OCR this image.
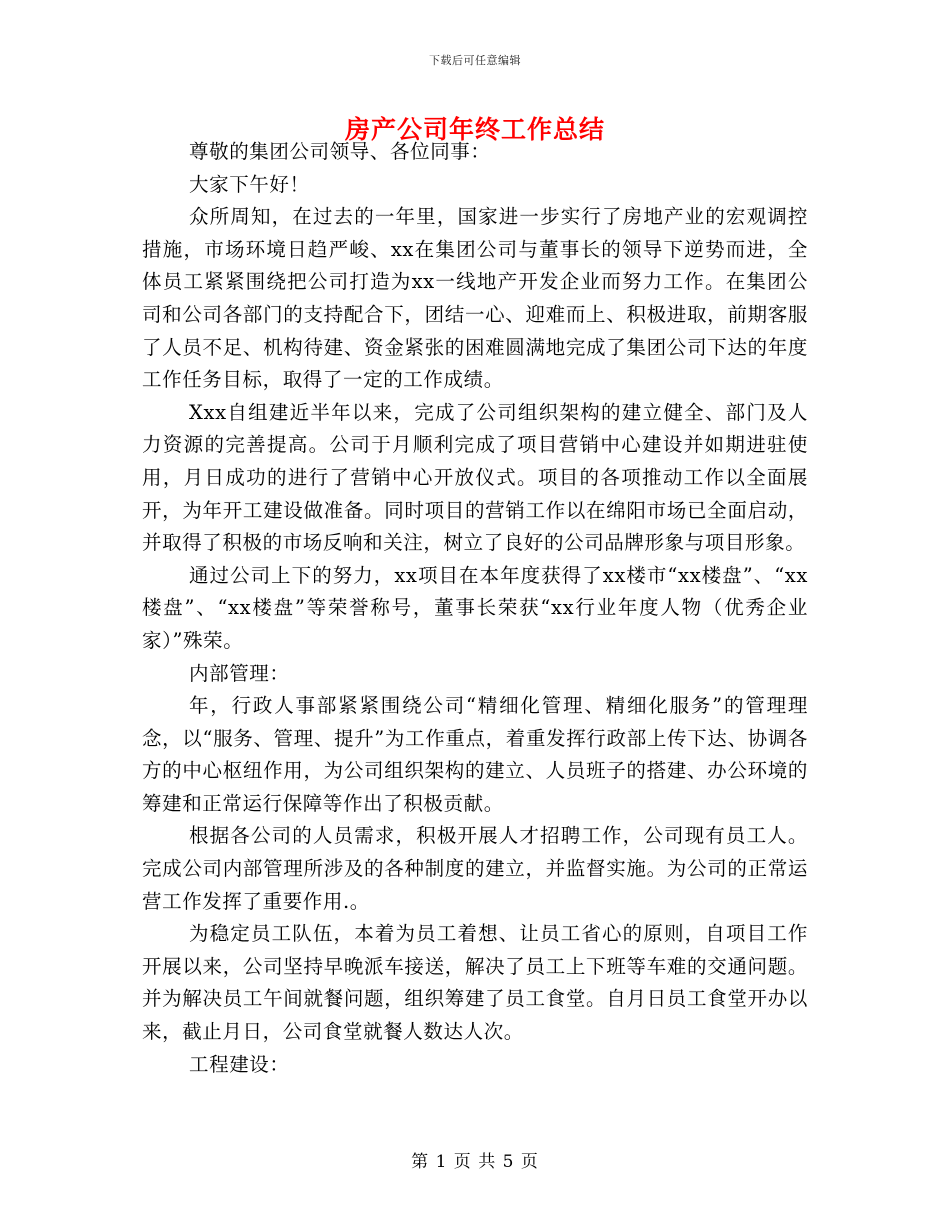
下载后可任意编辑
房产公司年终工作总结

尊敬的集团公司领导、各位同事：

大家下午好！

众所周知，在过去的一年里，国家进一步实行了房地产业的宏观调控措施，市场环境日趋严峻、xx在集团公司与董事长的领导下逆势而进，全体员工紧紧围绕把公司打造为xx一线地产开发企业而努力工作。在集团公司和公司各部门的支持配合下，团结一心、迎难而上、积极进取，前期客服了人员不足、机构待建、资金紧张的困难圆满地完成了集团公司下达的年度工作任务目标，取得了一定的工作成绩。

Xxx自组建近半年以来，完成了公司组织架构的建立健全、部门及人力资源的完善提高。公司于月顺利完成了项目营销中心建设并如期进驻使用，月日成功的进行了营销中心开放仪式。项目的各项推动工作以全面展开，为年开工建设做准备。同时项目的营销工作以在绵阳市场已全面启动，并取得了积极的市场反响和关注，树立了良好的公司品牌形象与项目形象。

通过公司上下的努力，xx项目在本年度获得了xx楼市“xx楼盘”、“xx楼盘”、“xx楼盘”等荣誉称号，董事长荣获“xx行业年度人物（优秀企业家）”殊荣。

内部管理：

年，行政人事部紧紧围绕公司“精细化管理、精细化服务”的管理理念，以“服务、管理、提升”为工作重点，着重发挥行政部上传下达、协调各方的中心枢纽作用，为公司组织架构的建立、人员班子的搭建、办公环境的筹建和正常运行保障等作出了积极贡献。

根据各公司的人员需求，积极开展人才招聘工作，公司现有员工人。完成公司内部管理所涉及的各种制度的建立，并监督实施。为公司的正常运营工作发挥了重要作用.。

为稳定员工队伍，本着为员工着想、让员工省心的原则，自项目工作开展以来，公司坚持早晚派车接送，解决了员工上下班等车难的交通问题。并为解决员工午间就餐问题，组织筹建了员工食堂。自月日员工食堂开办以来，截止月日，公司食堂就餐人数达人次。

工程建设：

第 1 页 共 5 页
